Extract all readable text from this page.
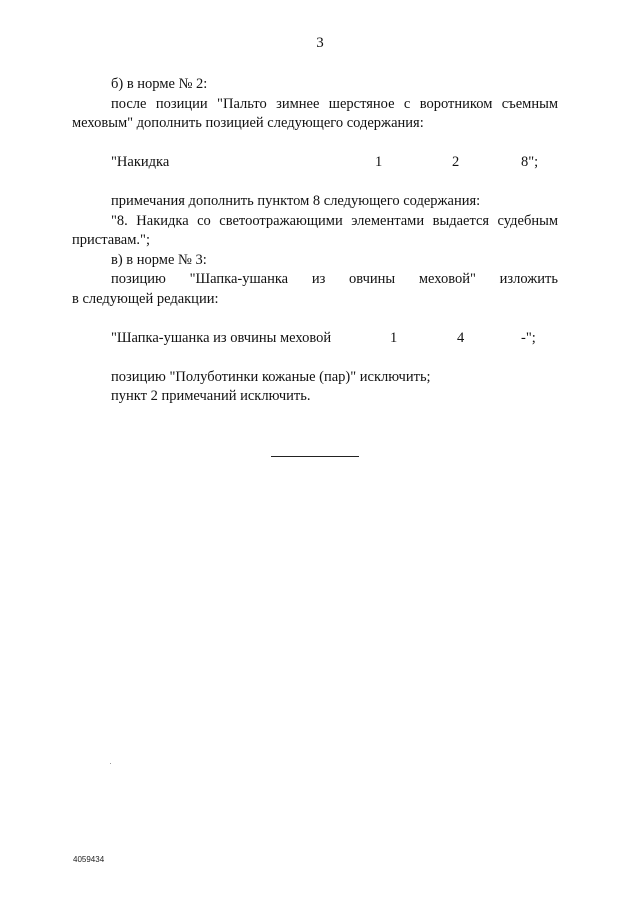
3

б) в норме № 2:

после позиции "Пальто зимнее шерстяное с воротником съемным меховым" дополнить позицией следующего содержания:

"Накидка	1	2	8";

примечания дополнить пунктом 8 следующего содержания:

"8. Накидка со светоотражающими элементами выдается судебным приставам.";

в) в норме № 3:

позицию "Шапка-ушанка из овчины меховой" изложить

в следующей редакции:

"Шапка-ушанка из овчины меховой	1	4	-";

позицию "Полуботинки кожаные (пар)" исключить;

пункт 2 примечаний исключить.

4059434
